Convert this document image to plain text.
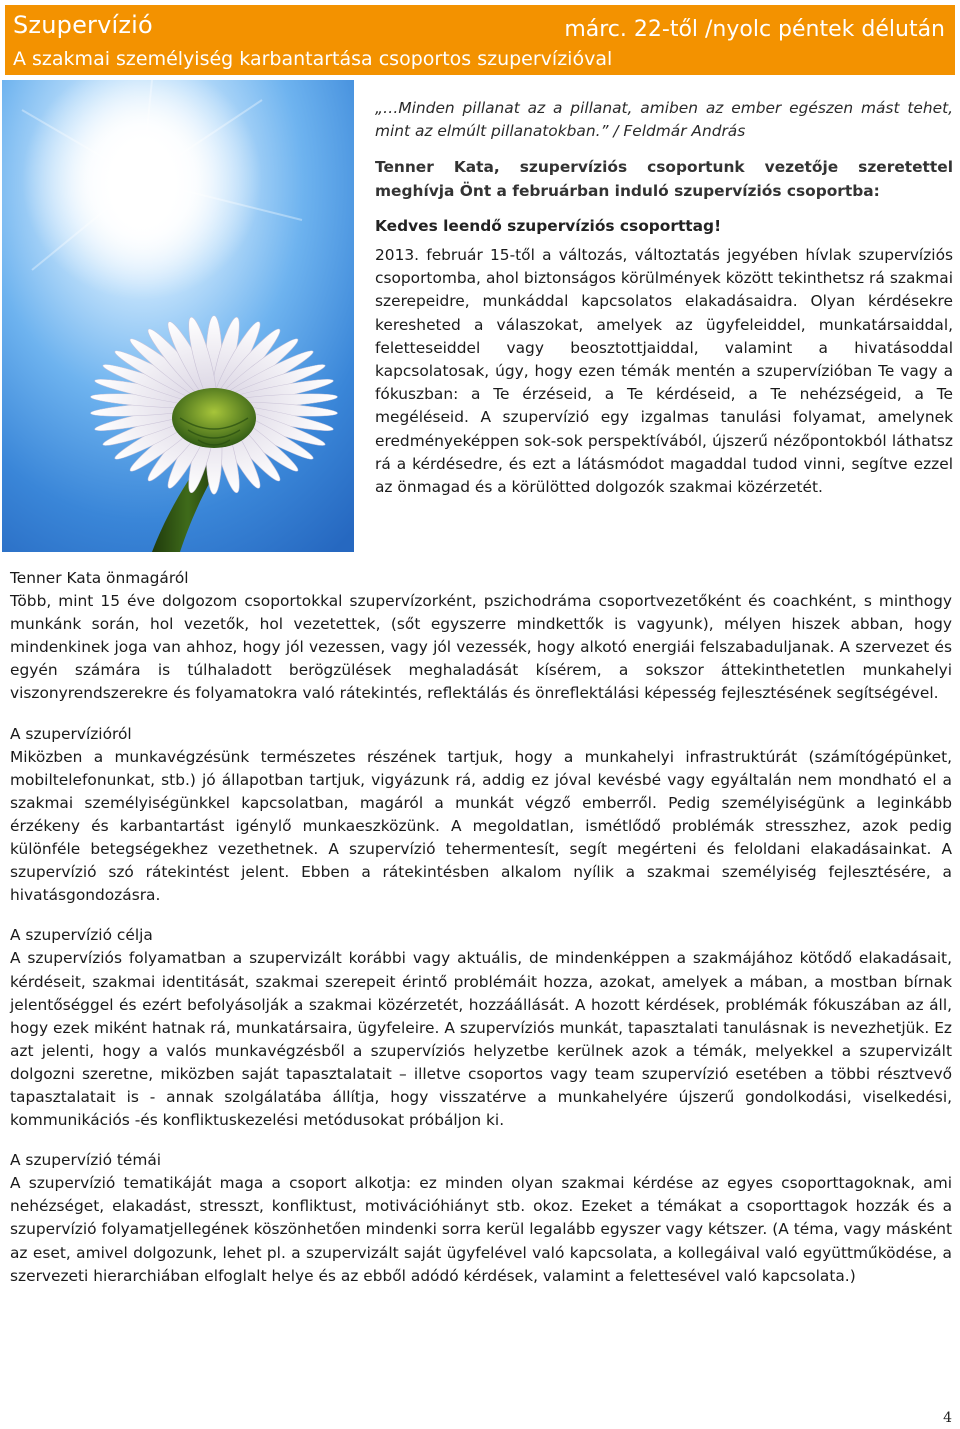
Szupervízió	márc. 22-től /nyolc péntek délután
A szakmai személyiség karbantartása csoportos szupervízióval

„…Minden pillanat az a pillanat, amiben az ember egészen mást tehet, mint az elmúlt pillanatokban.” / Feldmár András

Tenner Kata, szupervíziós csoportunk vezetője szeretettel meghívja Önt a februárban induló szupervíziós csoportba:

Kedves leendő szupervíziós csoporttag!

2013. február 15-től a változás, változtatás jegyében hívlak szupervíziós csoportomba, ahol biztonságos körülmények között tekinthetsz rá szakmai szerepeidre, munkáddal kapcsolatos elakadásaidra. Olyan kérdésekre keresheted a válaszokat, amelyek az ügyfeleiddel, munkatársaiddal, feletteseiddel vagy beosztottjaiddal, valamint a hivatásoddal kapcsolatosak, úgy, hogy ezen témák mentén a szupervízióban Te vagy a fókuszban: a Te érzéseid, a Te kérdéseid, a Te nehézségeid, a Te megéléseid. A szupervízió egy izgalmas tanulási folyamat, amelynek eredményeképpen sok-sok perspektívából, újszerű nézőpontokból láthatsz rá a kérdésedre, és ezt a látásmódot magaddal tudod vinni, segítve ezzel az önmagad és a körülötted dolgozók szakmai közérzetét.

Tenner Kata önmagáról

Több, mint 15 éve dolgozom csoportokkal szupervízorként, pszichodráma csoportvezetőként és coachként, s minthogy munkánk során, hol vezetők, hol vezetettek, (sőt egyszerre mindkettők is vagyunk), mélyen hiszek abban, hogy mindenkinek joga van ahhoz, hogy jól vezessen, vagy jól vezessék, hogy alkotó energiái felszabaduljanak. A szervezet és egyén számára is túlhaladott berögzülések meghaladását kísérem, a sokszor áttekinthetetlen munkahelyi viszonyrendszerekre és folyamatokra való rátekintés, reflektálás és önreflektálási képesség fejlesztésének segítségével.

A szupervízióról

Miközben a munkavégzésünk természetes részének tartjuk, hogy a munkahelyi infrastruktúrát (számítógépünket, mobiltelefonunkat, stb.) jó állapotban tartjuk, vigyázunk rá, addig ez jóval kevésbé vagy egyáltalán nem mondható el a szakmai személyiségünkkel kapcsolatban, magáról a munkát végző emberről. Pedig személyiségünk a leginkább érzékeny és karbantartást igénylő munkaeszközünk. A megoldatlan, ismétlődő problémák stresszhez, azok pedig különféle betegségekhez vezethetnek. A szupervízió tehermentesít, segít megérteni és feloldani elakadásainkat. A szupervízió szó rátekintést jelent. Ebben a rátekintésben alkalom nyílik a szakmai személyiség fejlesztésére, a hivatásgondozásra.

A szupervízió célja

A szupervíziós folyamatban a szupervizált korábbi vagy aktuális, de mindenképpen a szakmájához kötődő elakadásait, kérdéseit, szakmai identitását, szakmai szerepeit érintő problémáit hozza, azokat, amelyek a mában, a mostban bírnak jelentőséggel és ezért befolyásolják a szakmai közérzetét, hozzáállását. A hozott kérdések, problémák fókuszában az áll, hogy ezek miként hatnak rá, munkatársaira, ügyfeleire. A szupervíziós munkát, tapasztalati tanulásnak is nevezhetjük. Ez azt jelenti, hogy a valós munkavégzésből a szupervíziós helyzetbe kerülnek azok a témák, melyekkel a szupervizált dolgozni szeretne, miközben saját tapasztalatait – illetve csoportos vagy team szupervízió esetében a többi résztvevő tapasztalatait is - annak szolgálatába állítja, hogy visszatérve a munkahelyére újszerű gondolkodási, viselkedési, kommunikációs -és konfliktuskezelési metódusokat próbáljon ki.

A szupervízió témái

A szupervízió tematikáját maga a csoport alkotja: ez minden olyan szakmai kérdése az egyes csoporttagoknak, ami nehézséget, elakadást, stresszt, konfliktust, motivációhiányt stb. okoz. Ezeket a témákat a csoporttagok hozzák és a szupervízió folyamatjellegének köszönhetően mindenki sorra kerül legalább egyszer vagy kétszer. (A téma, vagy másként az eset, amivel dolgozunk, lehet pl. a szupervizált saját ügyfelével való kapcsolata, a kollegáival való együttműködése, a szervezeti hierarchiában elfoglalt helye és az ebből adódó kérdések, valamint a felettesével való kapcsolata.)

4
